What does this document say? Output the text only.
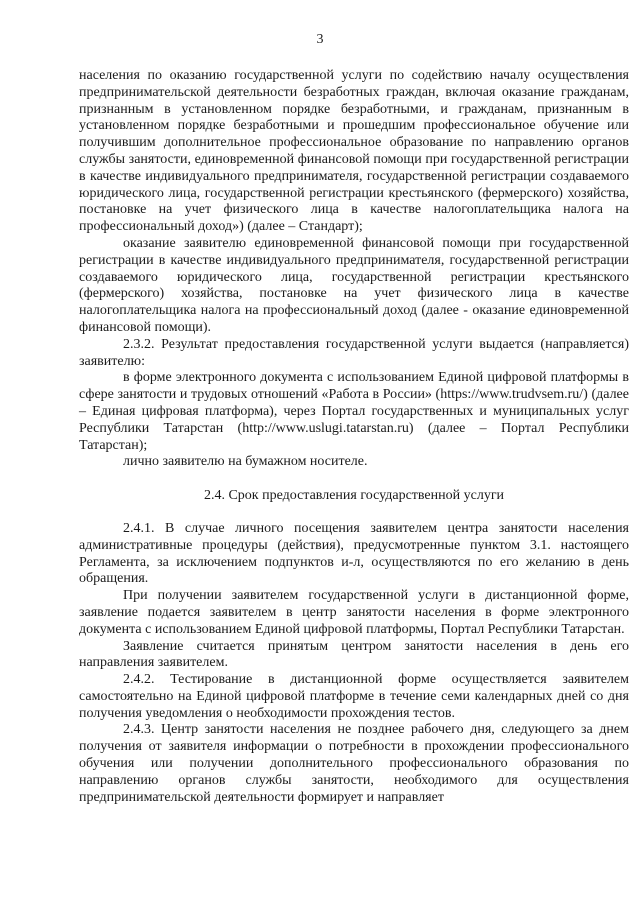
3

населения по оказанию государственной услуги по содействию началу осуществления предпринимательской деятельности безработных граждан, включая оказание гражданам, признанным в установленном порядке безработными, и гражданам, признанным в установленном порядке безработными и прошедшим профессиональное обучение или получившим дополнительное профессиональное образование по направлению органов службы занятости, единовременной финансовой помощи при государственной регистрации в качестве индивидуального предпринимателя, государственной регистрации создаваемого юридического лица, государственной регистрации крестьянского (фермерского) хозяйства, постановке на учет физического лица в качестве налогоплательщика налога на профессиональный доход») (далее – Стандарт);

оказание заявителю единовременной финансовой помощи при государственной регистрации в качестве индивидуального предпринимателя, государственной регистрации создаваемого юридического лица, государственной регистрации крестьянского (фермерского) хозяйства, постановке на учет физического лица в качестве налогоплательщика налога на профессиональный доход (далее - оказание единовременной финансовой помощи).

2.3.2. Результат предоставления государственной услуги выдается (направляется) заявителю:

в форме электронного документа с использованием Единой цифровой платформы в сфере занятости и трудовых отношений «Работа в России» (https://www.trudvsem.ru/) (далее – Единая цифровая платформа), через Портал государственных и муниципальных услуг Республики Татарстан (http://www.uslugi.tatarstan.ru) (далее – Портал Республики Татарстан);

лично заявителю на бумажном носителе.

2.4. Срок предоставления государственной услуги

2.4.1. В случае личного посещения заявителем центра занятости населения административные процедуры (действия), предусмотренные пунктом 3.1. настоящего Регламента, за исключением подпунктов и-л, осуществляются по его желанию в день обращения.

При получении заявителем государственной услуги в дистанционной форме, заявление подается заявителем в центр занятости населения в форме электронного документа с использованием Единой цифровой платформы, Портал Республики Татарстан.

Заявление считается принятым центром занятости населения в день его направления заявителем.

2.4.2. Тестирование в дистанционной форме осуществляется заявителем самостоятельно на Единой цифровой платформе в течение семи календарных дней со дня получения уведомления о необходимости прохождения тестов.

2.4.3. Центр занятости населения не позднее рабочего дня, следующего за днем получения от заявителя информации о потребности в прохождении профессионального обучения или получении дополнительного профессионального образования по направлению органов службы занятости, необходимого для осуществления предпринимательской деятельности формирует и направляет
